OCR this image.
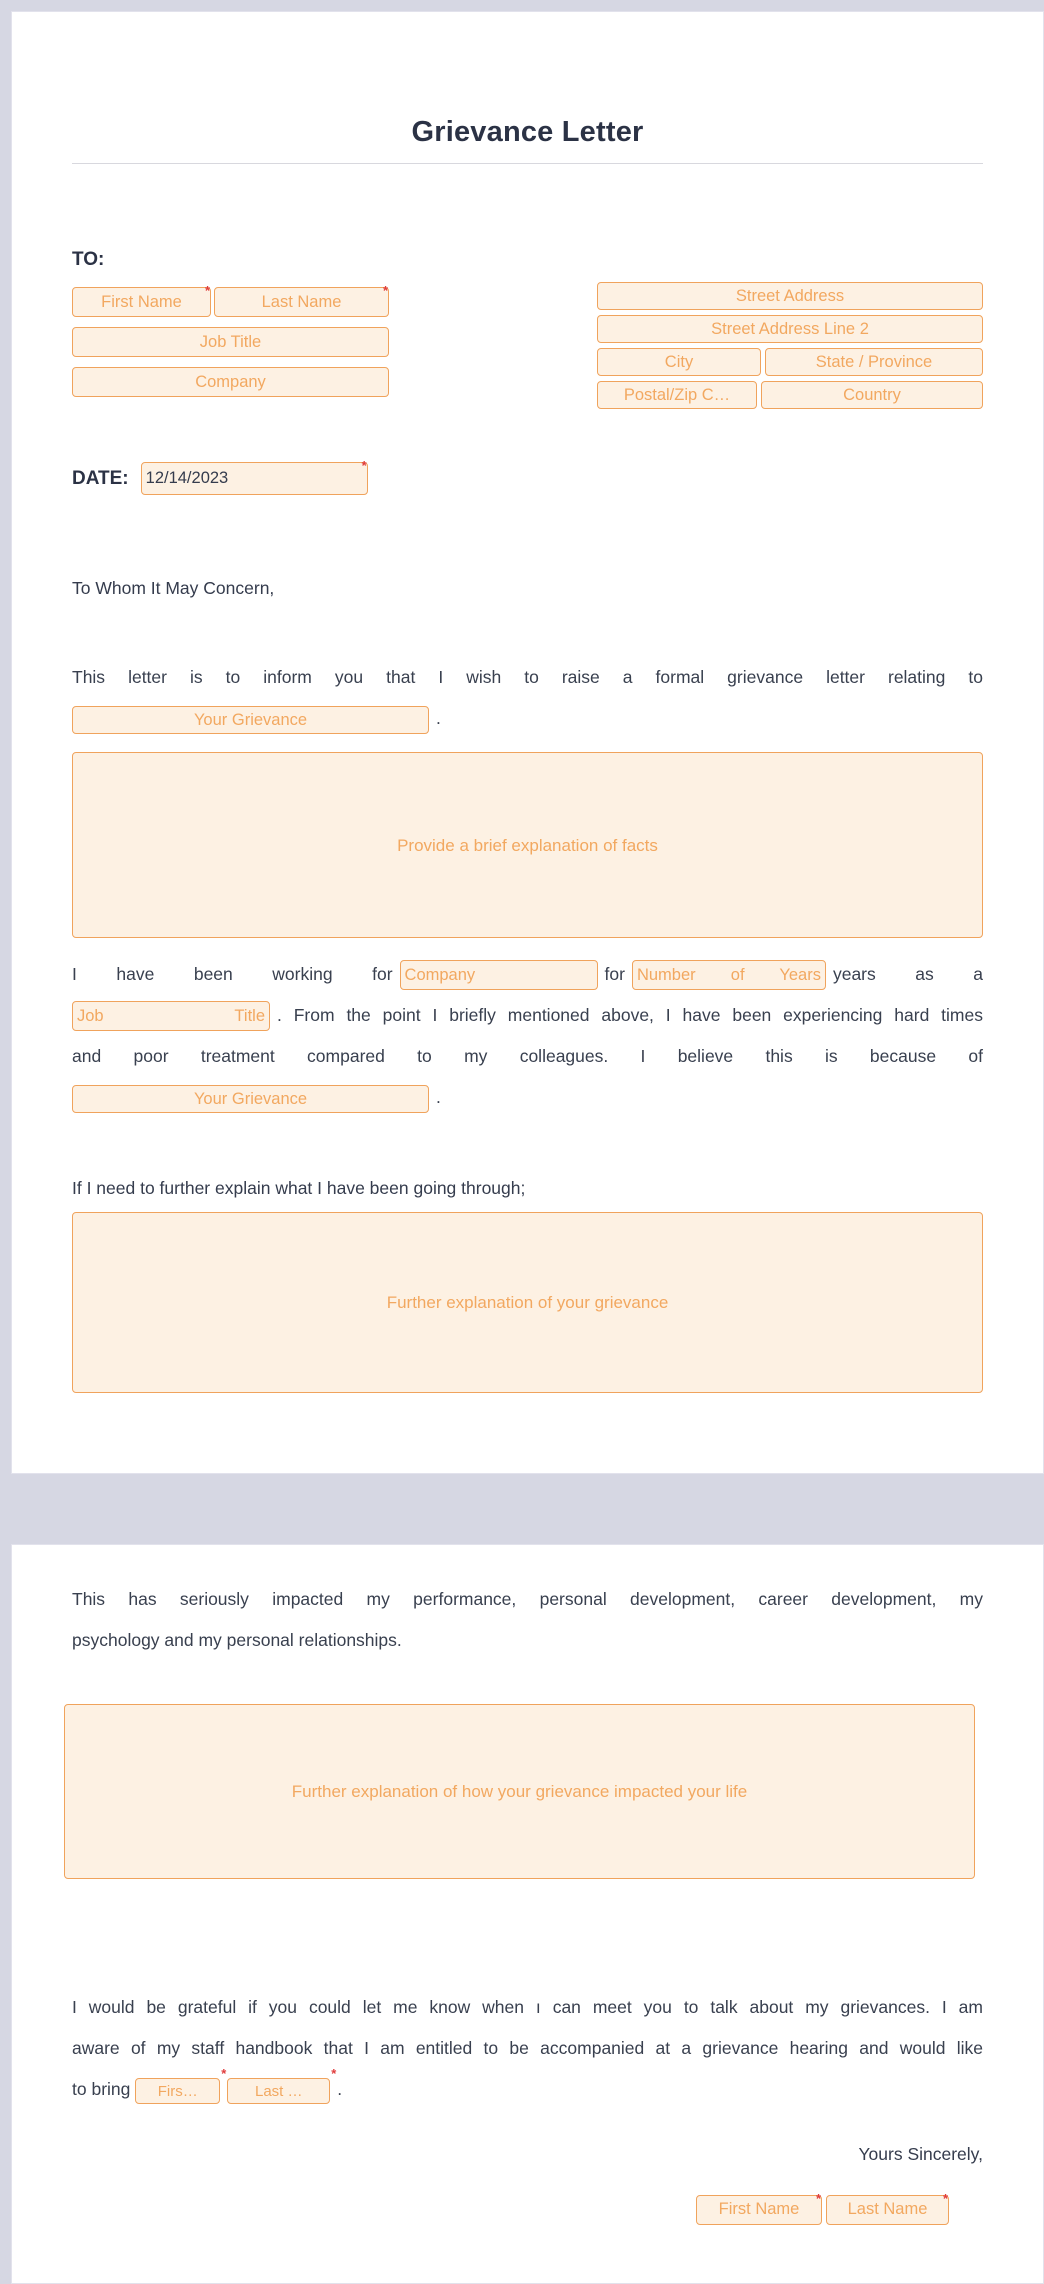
Grievance Letter
TO:
First Name
*
Last Name	*
Job Title
Company
Street Address
Street Address Line 2
City
State / Province
Postal/Zip C…
Country
DATE:
12/14/2023
*
To Whom It May Concern,
This letter is to inform you that I wish to raise a formal grievance letter relating to
Your Grievance.
Provide a brief explanation of facts
I have been working forCompany	forNumber of Years	years as a
Job Title. From the point I briefly mentioned above, I have been experiencing hard times
and poor treatment compared to my colleagues. I believe this is because of
Your Grievance.
If I need to further explain what I have been going through;
Further explanation of your grievance
This has seriously impacted my performance, personal development, career development, my
psychology and my personal relationships.
Further explanation of how your grievance impacted your life
I would be grateful if you could let me know when ı can meet you to talk about my grievances. I am
aware of my staff handbook that I am entitled to be accompanied at a grievance hearing and would like
to bring Firs…
*
Last …	*
.
Yours Sincerely,
First Name
*
Last Name	*
